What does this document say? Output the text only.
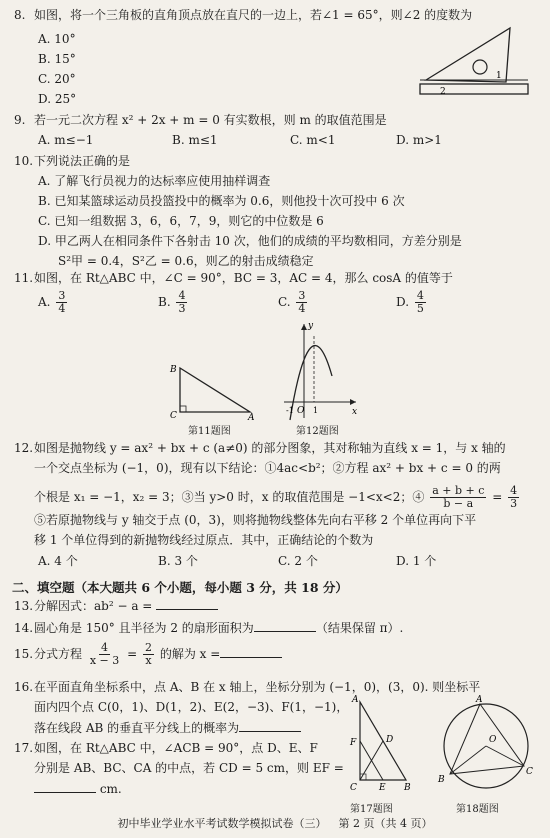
8. 如图，将一个三角板的直角顶点放在直尺的一边上，若∠1 = 65°，则∠2 的度数为
A. 10°
B. 15°
C. 20°
D. 25°
1
2
9. 若一元二次方程 x² + 2x + m = 0 有实数根，则 m 的取值范围是
A. m≤−1	B. m≤1	C. m<1	D. m>1
10.下列说法正确的是
A. 了解飞行员视力的达标率应使用抽样调查
B. 已知某篮球运动员投篮投中的概率为 0.6，则他投十次可投中 6 次
C. 已知一组数据 3，6，6，7，9，则它的中位数是 6
D. 甲乙两人在相同条件下各射击 10 次，他们的成绩的平均数相同，方差分别是
S²甲 = 0.4，S²乙 = 0.6，则乙的射击成绩稳定
11.如图，在 Rt△ABC 中，∠C = 90°，BC = 3，AC = 4，那么 cosA 的值等于
A. $\frac{3}{4}$	B. $\frac{4}{3}$	C. $\frac{3}{4}$	D. $\frac{4}{5}$
B
C	A
第11题图
y
x
O
-1 1
第12题图
12.如图是抛物线 y = ax² + bx + c (a≠0) 的部分图象，其对称轴为直线 x = 1，与 x 轴的
一个交点坐标为 (−1，0)，现有以下结论：①4ac<b²；②方程 ax² + bx + c = 0 的两
个根是 x₁ = −1，x₂ = 3；③当 y>0 时，x 的取值范围是 −1<x<2；④ $\frac{a + b + c}{b - a} = \frac{4}{3}$
⑤若原抛物线与 y 轴交于点 (0，3)，则将抛物线整体先向右平移 2 个单位再向下平
移 1 个单位得到的新抛物线经过原点．其中，正确结论的个数为
A. 4 个	B. 3 个	C. 2 个	D. 1 个
二、填空题（本大题共 6 个小题，每小题 3 分，共 18 分）
13.分解因式：ab² − a =
14.圆心角是 150° 且半径为 2 的扇形面积为	（结果保留 π）.
15.分式方程 $\frac{4}{x - 3} = \frac{2}{x}$ 的解为 x =
16.在平面直角坐标系中，点 A、B 在 x 轴上，坐标分别为 (−1，0)，(3，0). 则坐标平
面内四个点 C(0，1)、D(1，2)、E(2，−3)、F(1，−1)，
落在线段 AB 的垂直平分线上的概率为
17.如图，在 Rt△ABC 中，∠ACB = 90°，点 D、E、F
分别是 AB、BC、CA 的中点，若 CD = 5 cm，则 EF =
cm.
A
C	B
D
E
F
第17题图
A
B
C
O
第18题图
初中毕业学业水平考试数学模拟试卷（三） 第 2 页（共 4 页）
